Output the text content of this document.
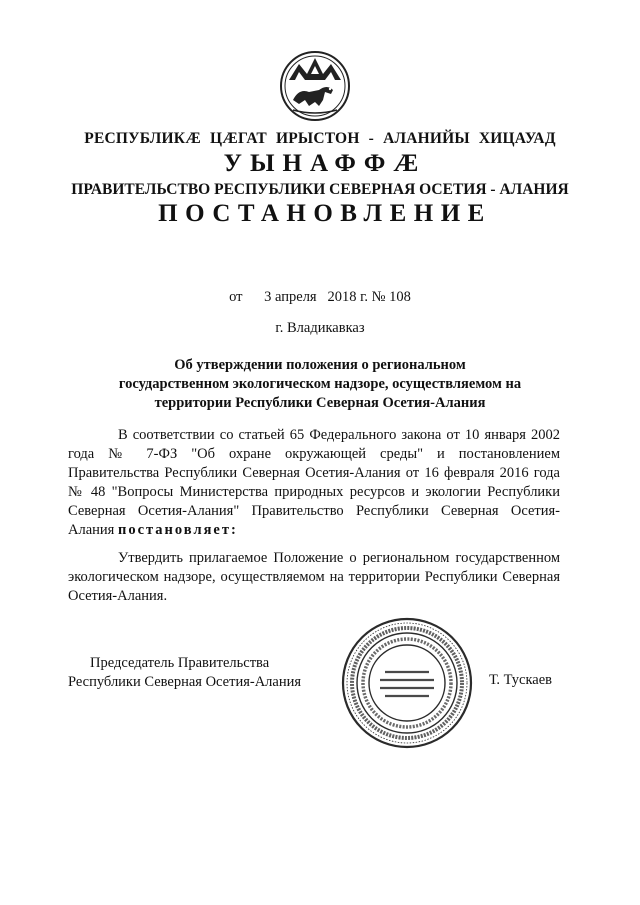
РЕСПУБЛИКӔ ЦӔГАТ ИРЫСТОН - АЛАНИЙЫ ХИЦАУАД
УЫНАФФӔ
ПРАВИТЕЛЬСТВО РЕСПУБЛИКИ СЕВЕРНАЯ ОСЕТИЯ - АЛАНИЯ
ПОСТАНОВЛЕНИЕ
от 3 апреля 2018 г. № 108
г. Владикавказ
Об утверждении положения о региональном
государственном экологическом надзоре, осуществляемом на
территории Республики Северная Осетия-Алания
В соответствии со статьей 65 Федерального закона от 10 января 2002 года № 7-ФЗ "Об охране окружающей среды" и постановлением Правительства Республики Северная Осетия-Алания от 16 февраля 2016 года № 48 "Вопросы Министерства природных ресурсов и экологии Республики Северная Осетия-Алания" Правительство Республики Северная Осетия-Алания постановляет:
Утвердить прилагаемое Положение о региональном государственном экологическом надзоре, осуществляемом на территории Республики Северная Осетия-Алания.
Председатель Правительства
Республики Северная Осетия-Алания	Т. Тускаев
